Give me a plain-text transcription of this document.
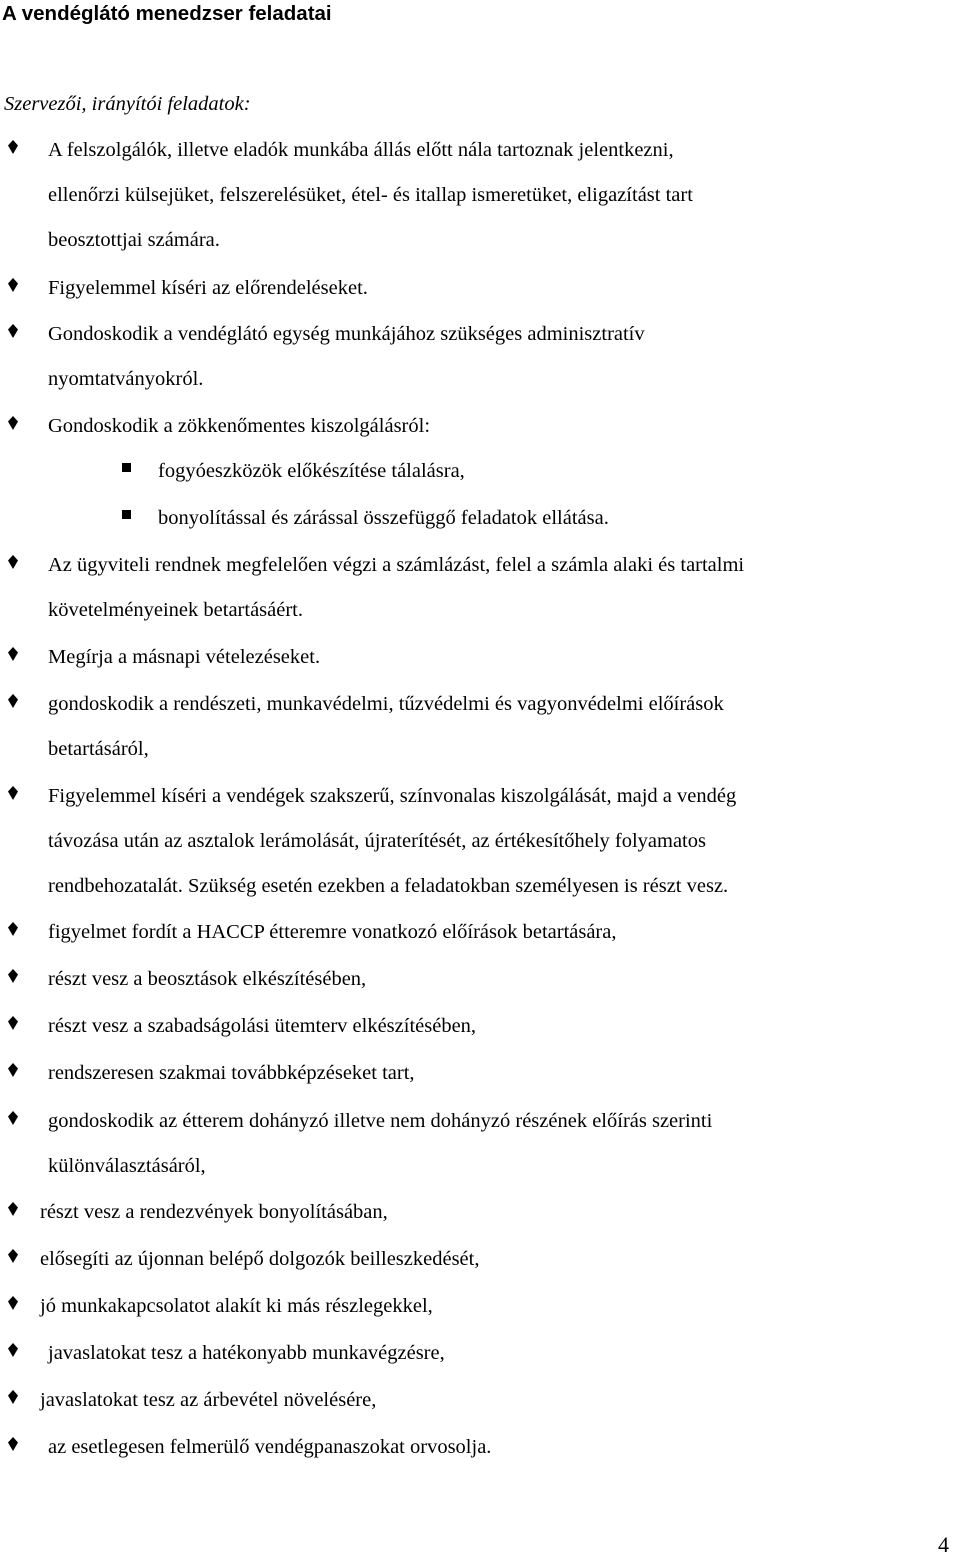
A vendéglátó menedzser feladatai
Szervezői, irányítói feladatok:

A felszolgálók, illetve eladók munkába állás előtt nála tartoznak jelentkezni,

ellenőrzi külsejüket, felszerelésüket, étel- és itallap ismeretüket, eligazítást tart

beosztottjai számára.

Figyelemmel kíséri az előrendeléseket.

Gondoskodik a vendéglátó egység munkájához szükséges adminisztratív

nyomtatványokról.

Gondoskodik a zökkenőmentes kiszolgálásról:

fogyóeszközök előkészítése tálalásra,
bonyolítással és zárással összefüggő feladatok ellátása.

Az ügyviteli rendnek megfelelően végzi a számlázást, felel a számla alaki és tartalmi

követelményeinek betartásáért.

Megírja a másnapi vételezéseket.

gondoskodik a rendészeti, munkavédelmi, tűzvédelmi és vagyonvédelmi előírások

betartásáról,

Figyelemmel kíséri a vendégek szakszerű, színvonalas kiszolgálását, majd a vendég

távozása után az asztalok lerámolását, újraterítését, az értékesítőhely folyamatos

rendbehozatalát. Szükség esetén ezekben a feladatokban személyesen is részt vesz.

figyelmet fordít a HACCP étteremre vonatkozó előírások betartására,

részt vesz a beosztások elkészítésében,

részt vesz a szabadságolási ütemterv elkészítésében,

rendszeresen szakmai továbbképzéseket tart,

gondoskodik az étterem dohányzó illetve nem dohányzó részének előírás szerinti

különválasztásáról,

részt vesz a rendezvények bonyolításában,

elősegíti az újonnan belépő dolgozók beilleszkedését,

jó munkakapcsolatot alakít ki más részlegekkel,

javaslatokat tesz a hatékonyabb munkavégzésre,

javaslatokat tesz az árbevétel növelésére,

az esetlegesen felmerülő vendégpanaszokat orvosolja.

4
